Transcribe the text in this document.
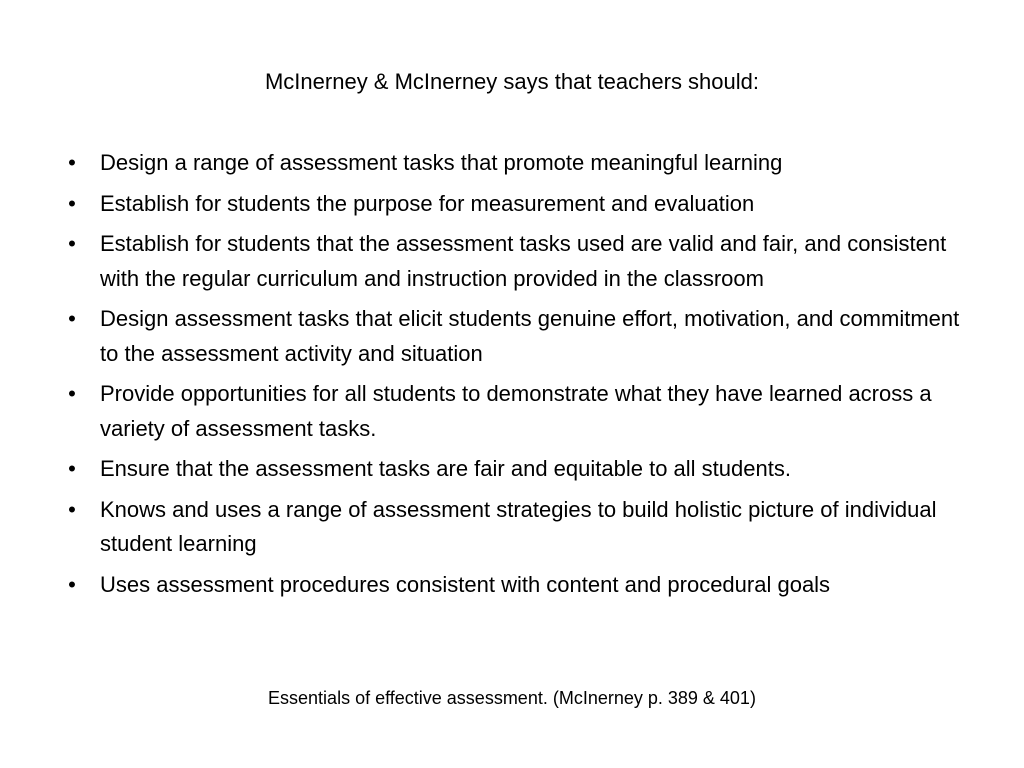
McInerney & McInerney says that teachers should:
•	Design a range of assessment tasks that promote meaningful learning
•	Establish for students the purpose for measurement and evaluation
•	Establish for students that the assessment tasks used are valid and fair, and consistent with the regular curriculum and instruction provided in the classroom
•	Design assessment tasks that elicit students genuine effort, motivation, and commitment to the assessment activity and situation
•	Provide opportunities for all students to demonstrate what they have learned across a variety of assessment tasks.
•	Ensure that the assessment tasks are fair and equitable to all students.
•	Knows and uses a range of assessment strategies to build holistic picture of individual student learning
•	Uses assessment procedures consistent with content and procedural goals

Essentials of effective assessment. (McInerney p. 389 & 401)
